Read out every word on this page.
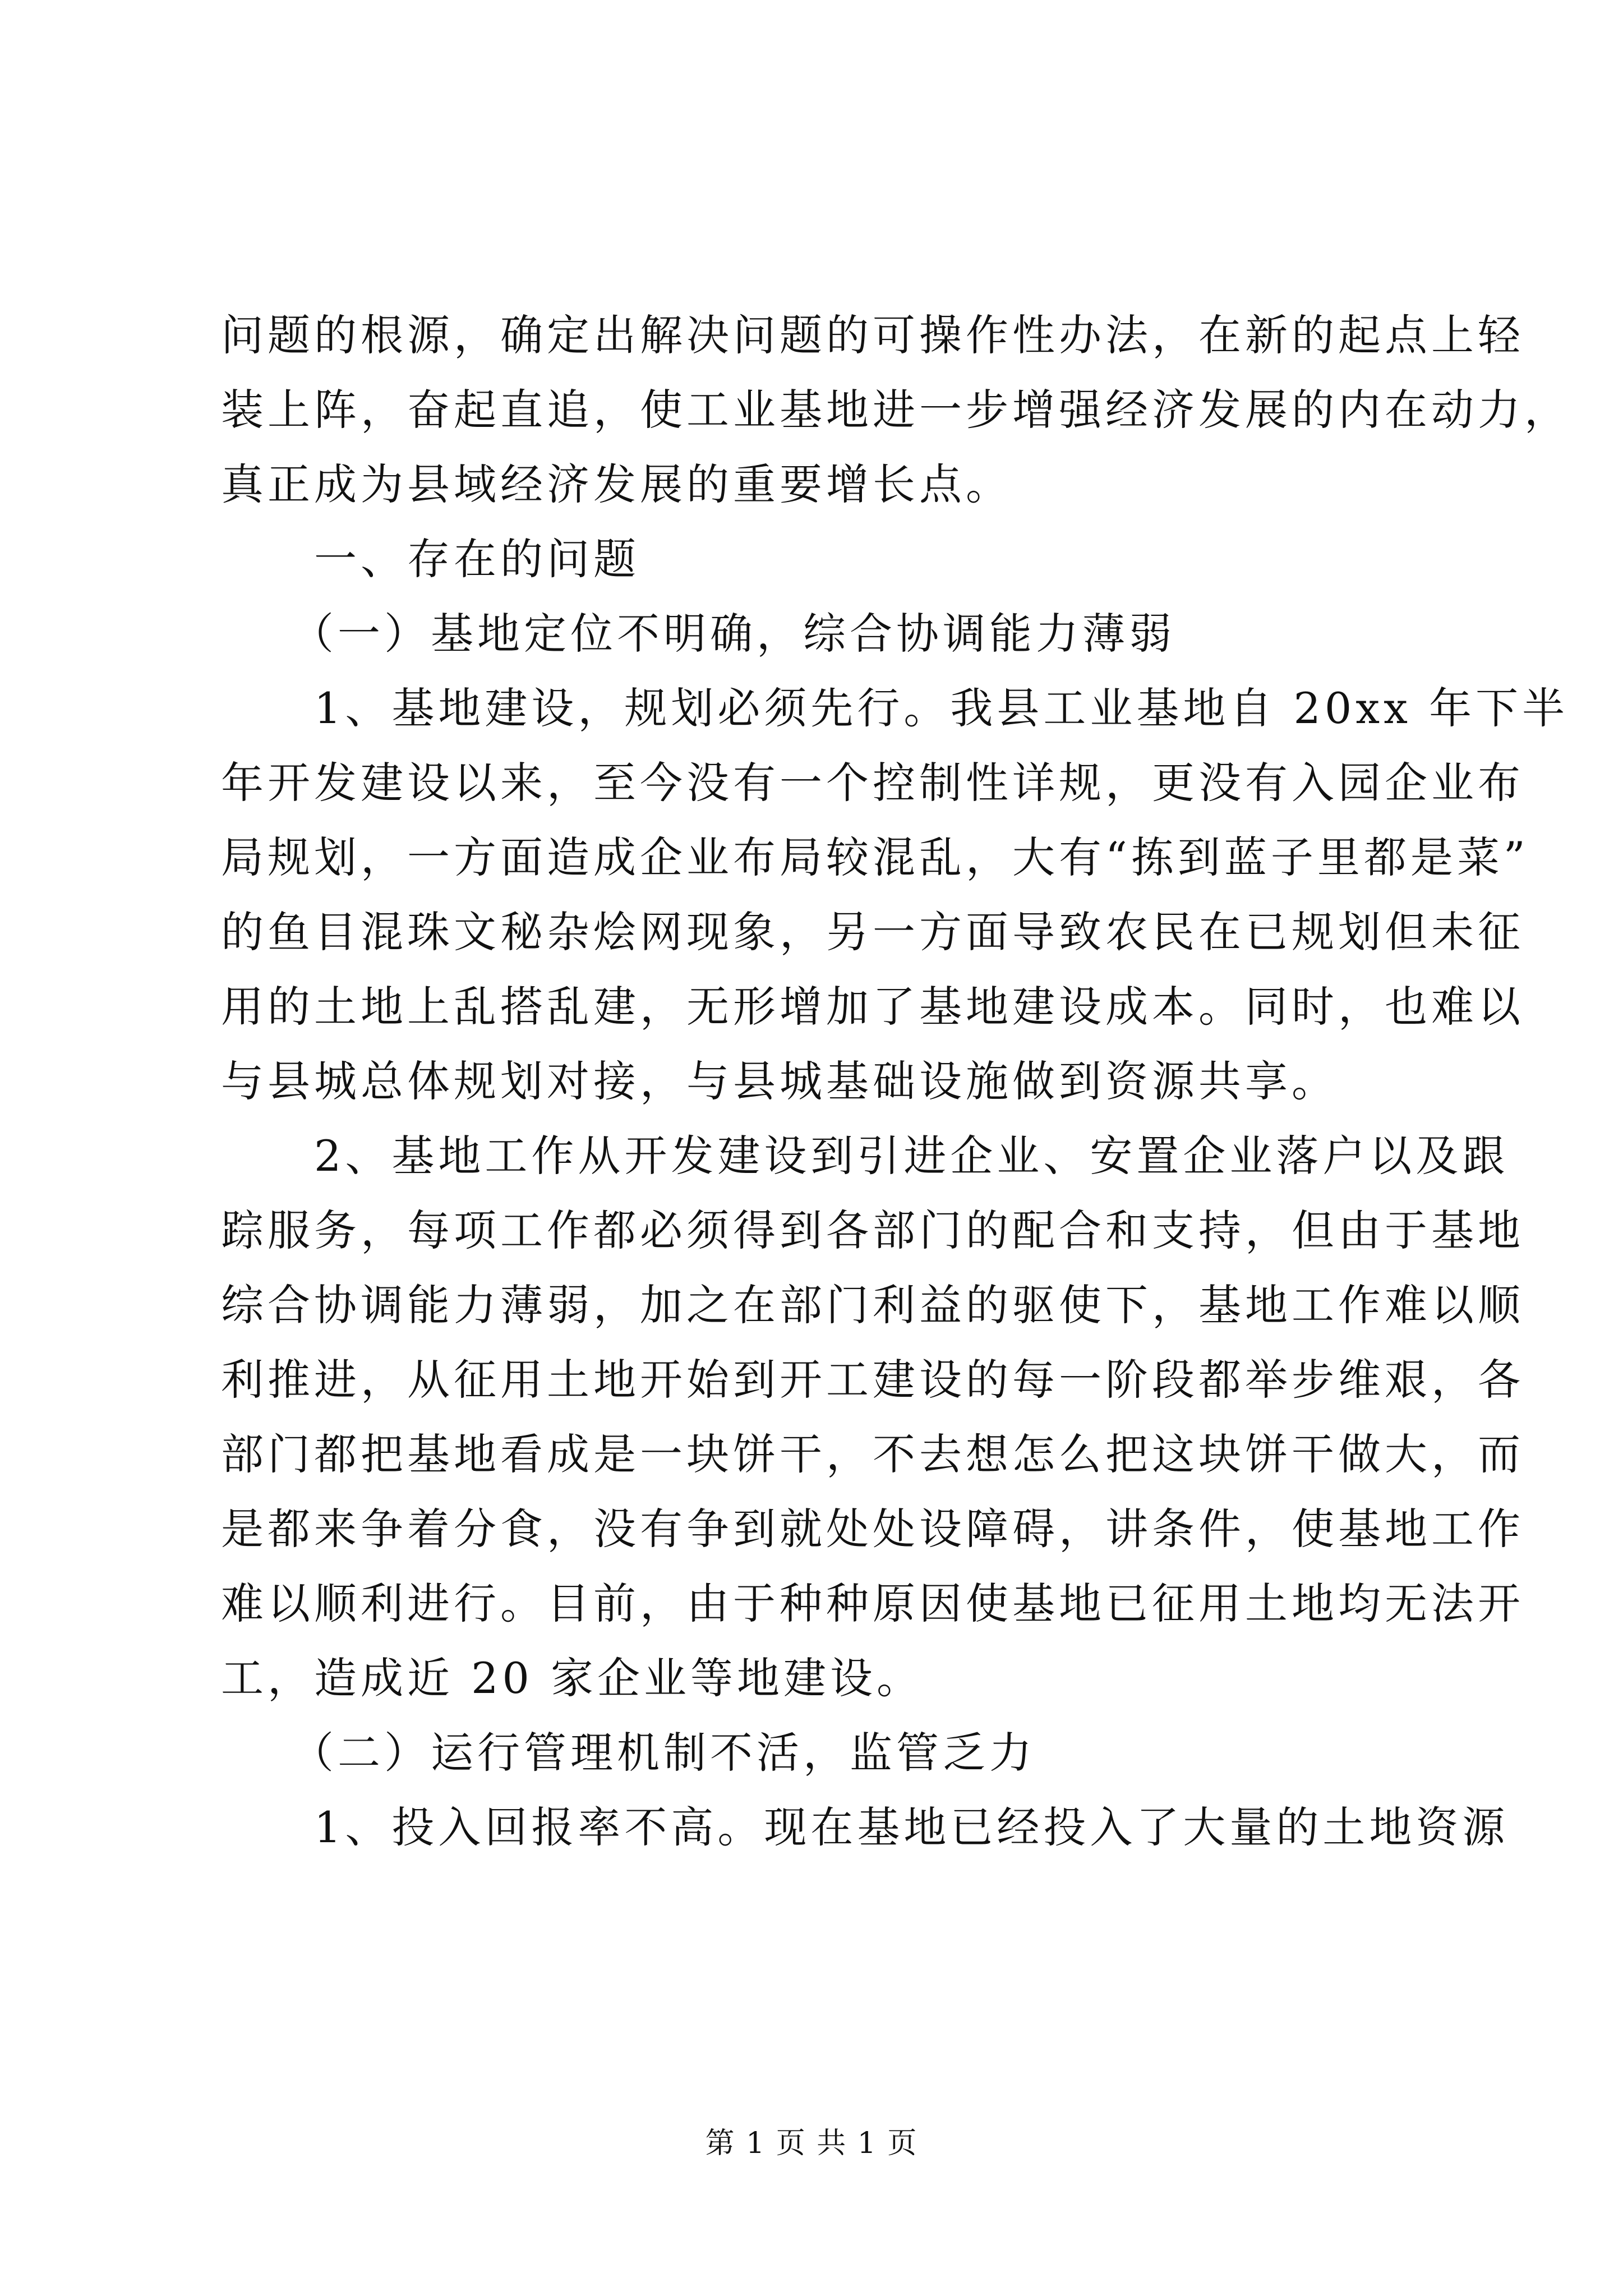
问题的根源，确定出解决问题的可操作性办法，在新的起点上轻
装上阵，奋起直追，使工业基地进一步增强经济发展的内在动力，
真正成为县域经济发展的重要增长点。
一、存在的问题
（一）基地定位不明确，综合协调能力薄弱
1、基地建设，规划必须先行。我县工业基地自 20xx 年下半
年开发建设以来，至今没有一个控制性详规，更没有入园企业布
局规划，一方面造成企业布局较混乱，大有“拣到蓝子里都是菜”
的鱼目混珠文秘杂烩网现象，另一方面导致农民在已规划但未征
用的土地上乱搭乱建，无形增加了基地建设成本。同时，也难以
与县城总体规划对接，与县城基础设施做到资源共享。
2、基地工作从开发建设到引进企业、安置企业落户以及跟
踪服务，每项工作都必须得到各部门的配合和支持，但由于基地
综合协调能力薄弱，加之在部门利益的驱使下，基地工作难以顺
利推进，从征用土地开始到开工建设的每一阶段都举步维艰，各
部门都把基地看成是一块饼干，不去想怎么把这块饼干做大，而
是都来争着分食，没有争到就处处设障碍，讲条件，使基地工作
难以顺利进行。目前，由于种种原因使基地已征用土地均无法开
工，造成近 20 家企业等地建设。
（二）运行管理机制不活，监管乏力
1、投入回报率不高。现在基地已经投入了大量的土地资源
第 1 页 共 1 页
